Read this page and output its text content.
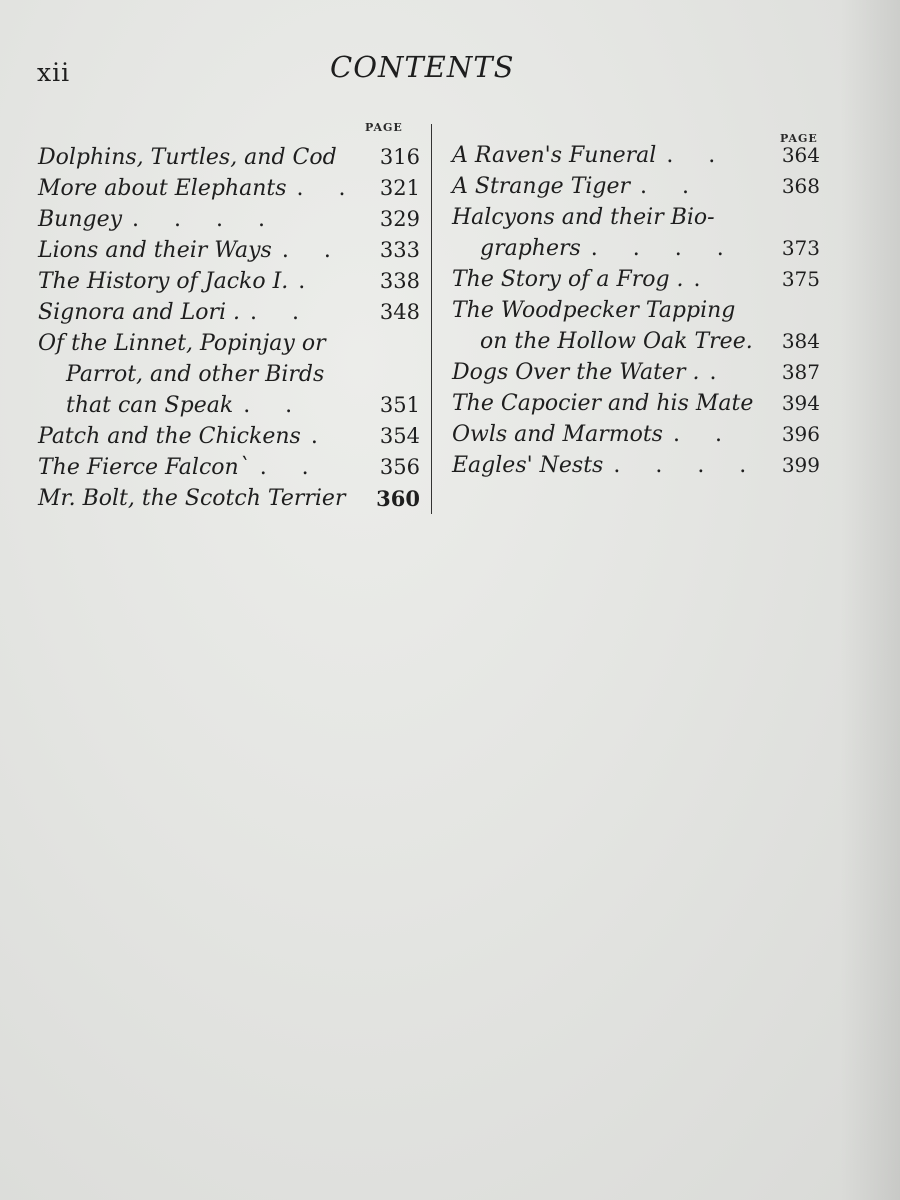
xii	CONTENTS
PAGE
PAGE
Dolphins, Turtles, and Cod	316
More about Elephants . . 321
Bungey . . . .	329
Lions and their Ways . .	333
The History of Jacko I. .	338
Signora and Lori . . .	348
Of the Linnet, Popinjay or
Parrot, and other Birds
that can Speak . .	351
Patch and the Chickens .	354
The Fierce Falcon` . .	356
Mr. Bolt, the Scotch Terrier	360
A Raven's Funeral . .	364
A Strange Tiger . .	368
Halcyons and their Bio-
graphers . . . .	373
The Story of a Frog . .	375
The Woodpecker Tapping
on the Hollow Oak Tree.	384
Dogs Over the Water . .	387
The Capocier and his Mate	394
Owls and Marmots . .	396
Eagles' Nests . . . .	399
